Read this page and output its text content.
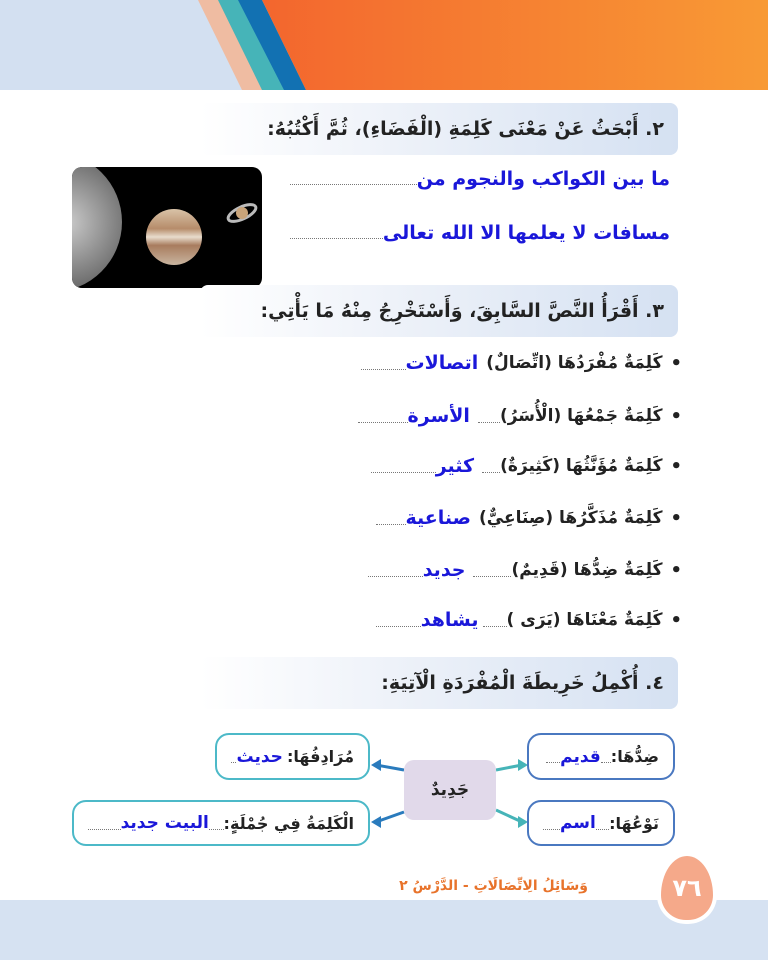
٢. أَبْحَثُ عَنْ مَعْنَى كَلِمَةِ (الْفَضَاءِ)، ثُمَّ أَكْتُبُهُ:
ما بين الكواكب والنجوم من
مسافات لا يعلمها الا الله تعالى
٣. أَقْرَأُ النَّصَّ السَّابِقَ، وَأَسْتَخْرِجُ مِنْهُ مَا يَأْتِي:
•
كَلِمَةٌ مُفْرَدُهَا (اتِّصَالٌ)
اتصالات
•
كَلِمَةٌ جَمْعُهَا (الْأُسَرُ)
الأسرة
•
كَلِمَةٌ مُؤَنَّثُهَا (كَثِيرَةٌ)
كثير
•
كَلِمَةٌ مُذَكَّرُهَا (صِنَاعِيٌّ)
صناعية
•
كَلِمَةٌ ضِدُّهَا (قَدِيمٌ)
جديد
•
كَلِمَةٌ مَعْنَاهَا (يَرَى )
يشاهد
٤. أُكْمِلُ خَرِيطَةَ الْمُفْرَدَةِ الْآتِيَةِ:
جَدِيدٌ
ضِدُّهَا:
قديم
نَوْعُهَا:
اسم
مُرَادِفُهَا:
حديث
الْكَلِمَةُ فِي جُمْلَةٍ:
البيت جديد
٧٦
وَسَائِلُ الِاتِّصَالَاتِ - الدَّرْسُ ٢
